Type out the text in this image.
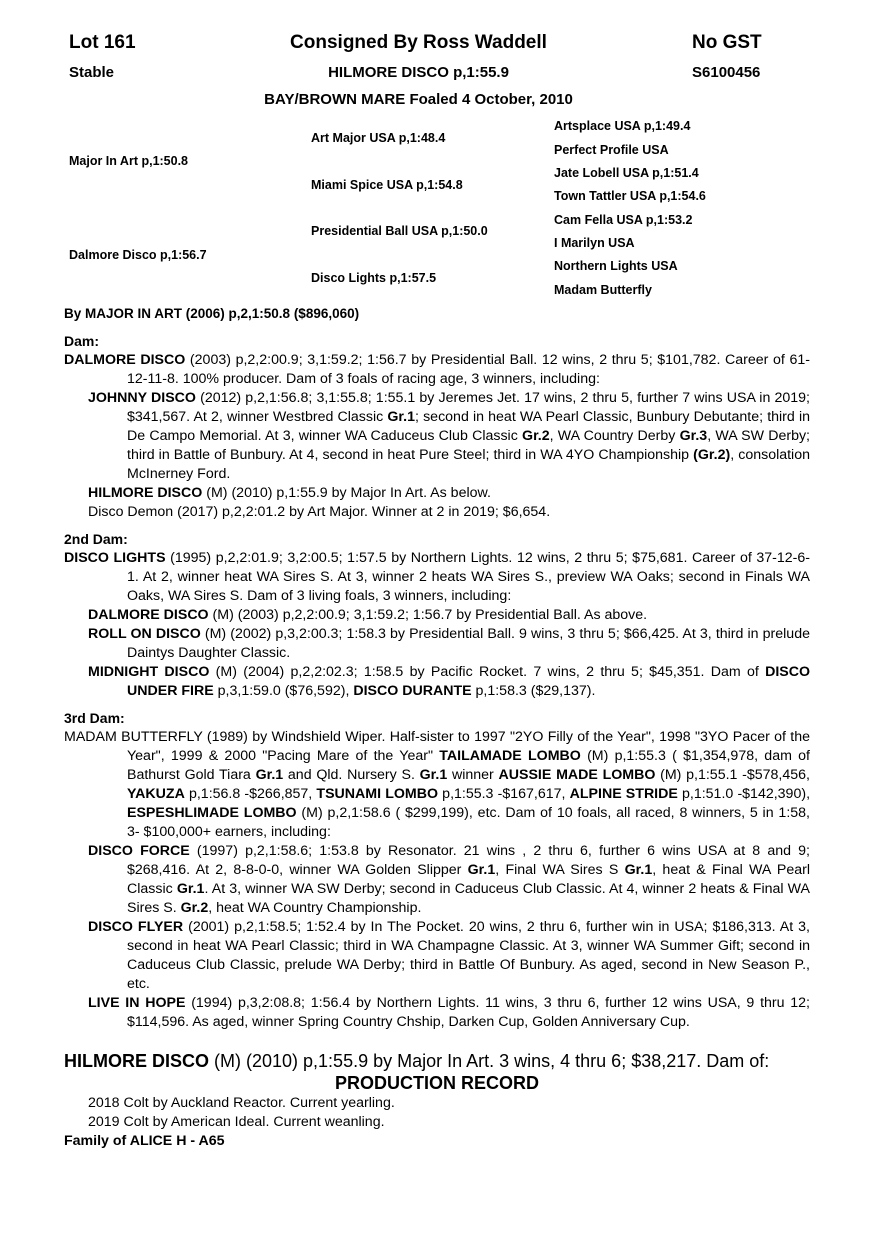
Lot 161	Consigned By Ross Waddell	No GST
Stable	HILMORE DISCO p,1:55.9	S6100456
BAY/BROWN MARE Foaled 4 October, 2010
Major In Art p,1:50.8
Dalmore Disco p,1:56.7
Art Major USA p,1:48.4
Miami Spice USA p,1:54.8
Presidential Ball USA p,1:50.0
Disco Lights p,1:57.5
Artsplace USA p,1:49.4
Perfect Profile USA
Jate Lobell USA p,1:51.4
Town Tattler USA p,1:54.6
Cam Fella USA p,1:53.2
I Marilyn USA
Northern Lights USA
Madam Butterfly
By MAJOR IN ART (2006) p,2,1:50.8 ($896,060)

Dam:

DALMORE DISCO (2003) p,2,2:00.9; 3,1:59.2; 1:56.7 by Presidential Ball. 12 wins, 2 thru 5; $101,782. Career of 61-12-11-8. 100% producer. Dam of 3 foals of racing age, 3 winners, including:

JOHNNY DISCO (2012) p,2,1:56.8; 3,1:55.8; 1:55.1 by Jeremes Jet. 17 wins, 2 thru 5, further 7 wins USA in 2019; $341,567. At 2, winner Westbred Classic Gr.1; second in heat WA Pearl Classic, Bunbury Debutante; third in De Campo Memorial. At 3, winner WA Caduceus Club Classic Gr.2, WA Country Derby Gr.3, WA SW Derby; third in Battle of Bunbury. At 4, second in heat Pure Steel; third in WA 4YO Championship (Gr.2), consolation McInerney Ford.

HILMORE DISCO (M) (2010) p,1:55.9 by Major In Art. As below.

Disco Demon (2017) p,2,2:01.2 by Art Major. Winner at 2 in 2019; $6,654.

2nd Dam:

DISCO LIGHTS (1995) p,2,2:01.9; 3,2:00.5; 1:57.5 by Northern Lights. 12 wins, 2 thru 5; $75,681. Career of 37-12-6-1. At 2, winner heat WA Sires S. At 3, winner 2 heats WA Sires S., preview WA Oaks; second in Finals WA Oaks, WA Sires S. Dam of 3 living foals, 3 winners, including:

DALMORE DISCO (M) (2003) p,2,2:00.9; 3,1:59.2; 1:56.7 by Presidential Ball. As above.

ROLL ON DISCO (M) (2002) p,3,2:00.3; 1:58.3 by Presidential Ball. 9 wins, 3 thru 5; $66,425. At 3, third in prelude Daintys Daughter Classic.

MIDNIGHT DISCO (M) (2004) p,2,2:02.3; 1:58.5 by Pacific Rocket. 7 wins, 2 thru 5; $45,351. Dam of DISCO UNDER FIRE p,3,1:59.0 ($76,592), DISCO DURANTE p,1:58.3 ($29,137).

3rd Dam:

MADAM BUTTERFLY (1989) by Windshield Wiper. Half-sister to 1997 "2YO Filly of the Year", 1998 "3YO Pacer of the Year", 1999 & 2000 "Pacing Mare of the Year" TAILAMADE LOMBO (M) p,1:55.3 ( $1,354,978, dam of Bathurst Gold Tiara Gr.1 and Qld. Nursery S. Gr.1 winner AUSSIE MADE LOMBO (M) p,1:55.1 -$578,456, YAKUZA p,1:56.8 -$266,857, TSUNAMI LOMBO p,1:55.3 -$167,617, ALPINE STRIDE p,1:51.0 -$142,390), ESPESHLIMADE LOMBO (M) p,2,1:58.6 ( $299,199), etc. Dam of 10 foals, all raced, 8 winners, 5 in 1:58, 3- $100,000+ earners, including:

DISCO FORCE (1997) p,2,1:58.6; 1:53.8 by Resonator. 21 wins , 2 thru 6, further 6 wins USA at 8 and 9; $268,416. At 2, 8-8-0-0, winner WA Golden Slipper Gr.1, Final WA Sires S Gr.1, heat & Final WA Pearl Classic Gr.1. At 3, winner WA SW Derby; second in Caduceus Club Classic. At 4, winner 2 heats & Final WA Sires S. Gr.2, heat WA Country Championship.

DISCO FLYER (2001) p,2,1:58.5; 1:52.4 by In The Pocket. 20 wins, 2 thru 6, further win in USA; $186,313. At 3, second in heat WA Pearl Classic; third in WA Champagne Classic. At 3, winner WA Summer Gift; second in Caduceus Club Classic, prelude WA Derby; third in Battle Of Bunbury. As aged, second in New Season P., etc.

LIVE IN HOPE (1994) p,3,2:08.8; 1:56.4 by Northern Lights. 11 wins, 3 thru 6, further 12 wins USA, 9 thru 12; $114,596. As aged, winner Spring Country Chship, Darken Cup, Golden Anniversary Cup.

HILMORE DISCO (M) (2010) p,1:55.9 by Major In Art. 3 wins, 4 thru 6; $38,217. Dam of:

PRODUCTION RECORD

2018 Colt by Auckland Reactor. Current yearling.

2019 Colt by American Ideal. Current weanling.

Family of ALICE H - A65
